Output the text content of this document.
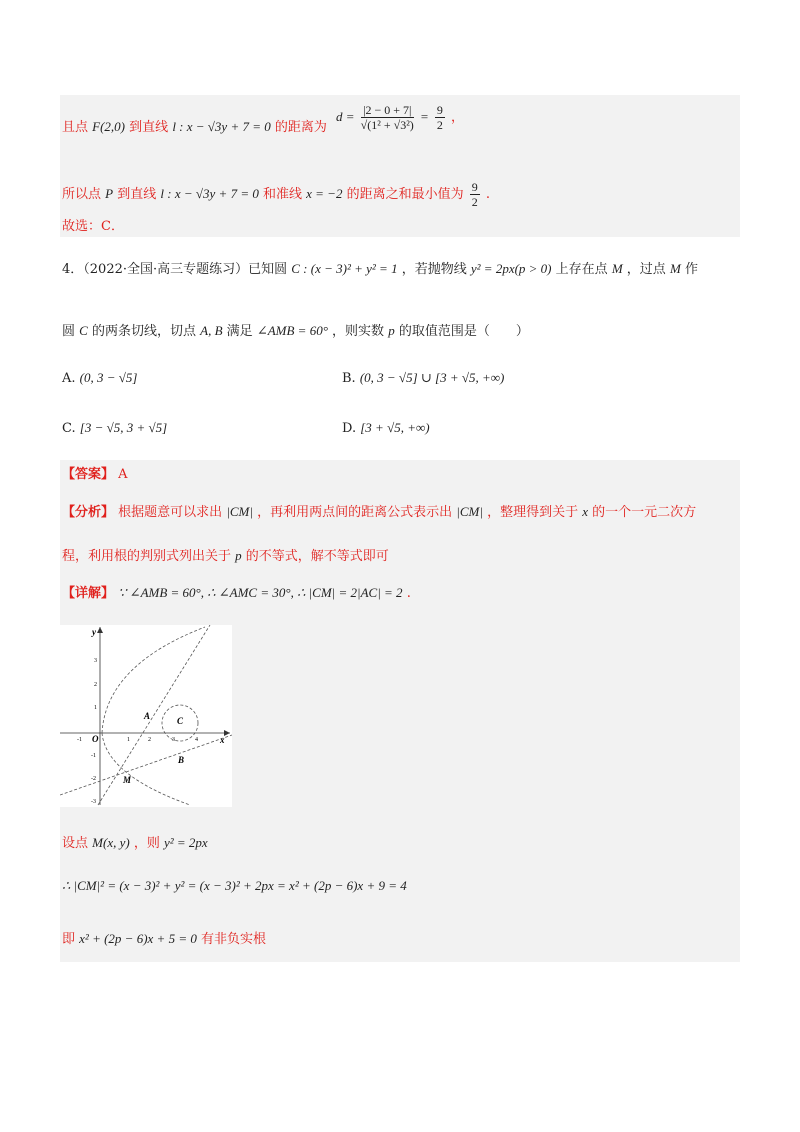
且点 F(2,0) 到直线 l : x − √3y + 7 = 0 的距离为
$d = \frac{|2 - 0 + 7|}{\text{√(1² + √3²)}} = \frac{9}{2}$ ，
所以点 P 到直线 l : x − √3y + 7 = 0 和准线 x = −2 的距离之和最小值为 $\frac{9}{2}$ .
故选：C．
4．（2022·全国·高三专题练习）已知圆 C : (x − 3)² + y² = 1 ，若抛物线 y² = 2px(p > 0) 上存在点 M ，过点 M 作
圆 C 的两条切线，切点 A, B 满足 ∠AMB = 60° ，则实数 p 的取值范围是（　　）
A. (0, 3 − √5]	B. (0, 3 − √5] ∪ [3 + √5, +∞)
C. [3 − √5, 3 + √5]	D. [3 + √5, +∞)
【答案】 A
【分析】 根据题意可以求出 |CM| ，再利用两点间的距离公式表示出 |CM| ，整理得到关于 x 的一个一元二次方
程，利用根的判别式列出关于 p 的不等式，解不等式即可
【详解】 ∵ ∠AMB = 60°, ∴ ∠AMC = 30°, ∴ |CM| = 2|AC| = 2 .
y
x
O
A	C
B
M
-1	1	2	3	4
3
2
1
-1
-2
-3
设点 M(x, y) ，则 y² = 2px
∴ |CM|² = (x − 3)² + y² = (x − 3)² + 2px = x² + (2p − 6)x + 9 = 4
即 x² + (2p − 6)x + 5 = 0 有非负实根
